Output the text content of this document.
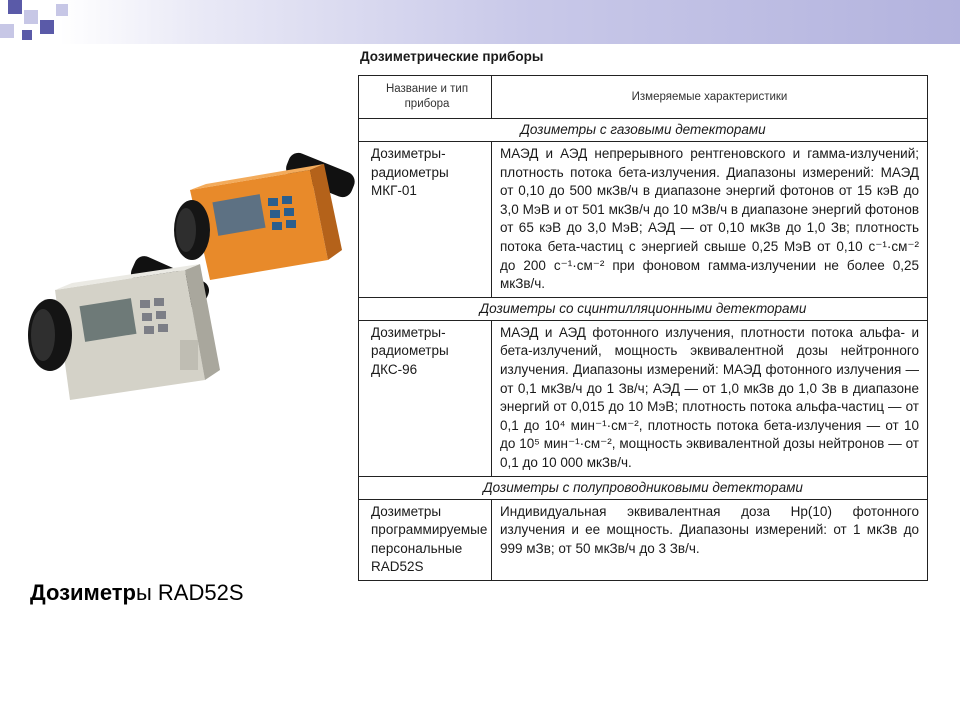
Дозиметры RAD52S
Дозиметрические приборы
Название и тип прибора	Измеряемые характеристики
Дозиметры с газовыми детекторами	
Дозиметры-радиометры МКГ-01	МАЭД и АЭД непрерывного рентгеновского и гамма-излучений; плотность потока бета-излучения. Диапазоны измерений: МАЭД от 0,10 до 500 мкЗв/ч в диапазоне энергий фотонов от 15 кэВ до 3,0 МэВ и от 501 мкЗв/ч до 10 мЗв/ч в диапазоне энергий фотонов от 65 кэВ до 3,0 МэВ; АЭД — от 0,10 мкЗв до 1,0 Зв; плотность потока бета-частиц с энергией свыше 0,25 МэВ от 0,10 с⁻¹·см⁻² до 200 с⁻¹·см⁻² при фоновом гамма-излучении не более 0,25 мкЗв/ч.
Дозиметры со сцинтилляционными детекторами	
Дозиметры-радиометры ДКС-96	МАЭД и АЭД фотонного излучения, плотности потока альфа- и бета-излучений, мощность эквивалентной дозы нейтронного излучения. Диапазоны измерений: МАЭД фотонного излучения — от 0,1 мкЗв/ч до 1 Зв/ч; АЭД — от 1,0 мкЗв до 1,0 Зв в диапазоне энергий от 0,015 до 10 МэВ; плотность потока альфа-частиц — от 0,1 до 10⁴ мин⁻¹·см⁻², плотность потока бета-излучения — от 10 до 10⁵ мин⁻¹·см⁻², мощность эквивалентной дозы нейтронов — от 0,1 до 10 000 мкЗв/ч.
Дозиметры с полупроводниковыми детекторами	
Дозиметры программируемые персональные RAD52S	Индивидуальная эквивалентная доза Hp(10) фотонного излучения и ее мощность. Диапазоны измерений: от 1 мкЗв до 999 мЗв; от 50 мкЗв/ч до 3 Зв/ч.
